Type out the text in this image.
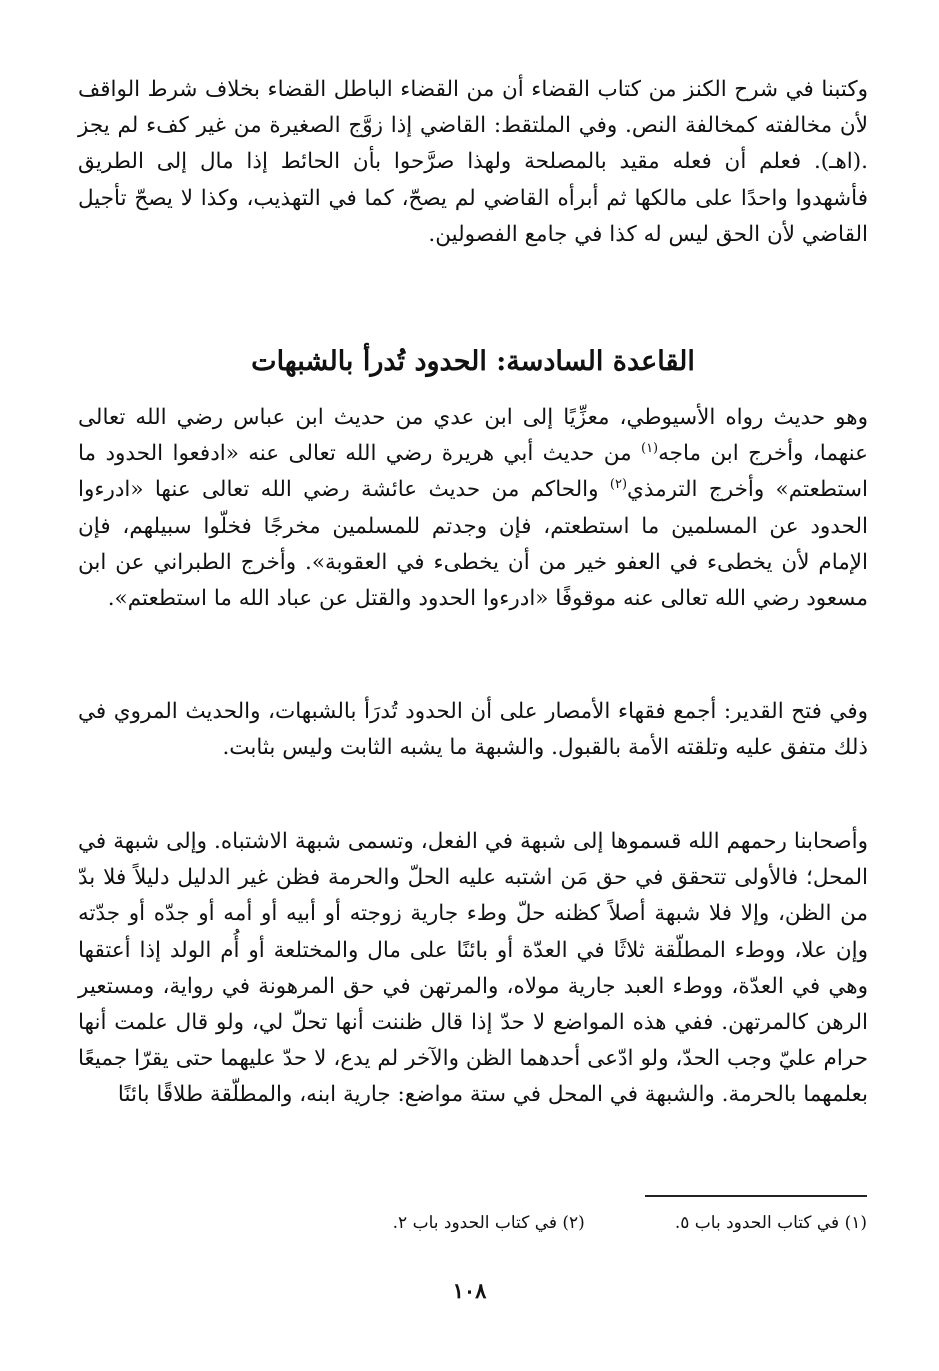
وكتبنا في شرح الكنز من كتاب القضاء أن من القضاء الباطل القضاء بخلاف شرط الواقف لأن مخالفته كمخالفة النص. وفي الملتقط: القاضي إذا زوَّج الصغيرة من غير كفء لم يجز .(اهـ). فعلم أن فعله مقيد بالمصلحة ولهذا صرَّحوا بأن الحائط إذا مال إلى الطريق فأشهدوا واحدًا على مالكها ثم أبرأه القاضي لم يصحّ، كما في التهذيب، وكذا لا يصحّ تأجيل القاضي لأن الحق ليس له كذا في جامع الفصولين.

القاعدة السادسة: الحدود تُدرأ بالشبهات

وهو حديث رواه الأسيوطي، معزِّيًا إلى ابن عدي من حديث ابن عباس رضي الله تعالى عنهما، وأخرج ابن ماجه$^{(١)}$ من حديث أبي هريرة رضي الله تعالى عنه «ادفعوا الحدود ما استطعتم» وأخرج الترمذي$^{(٢)}$ والحاكم من حديث عائشة رضي الله تعالى عنها «ادرءوا الحدود عن المسلمين ما استطعتم، فإن وجدتم للمسلمين مخرجًا فخلّوا سبيلهم، فإن الإمام لأن يخطىء في العفو خير من أن يخطىء في العقوبة». وأخرج الطبراني عن ابن مسعود رضي الله تعالى عنه موقوفًا «ادرءوا الحدود والقتل عن عباد الله ما استطعتم».

وفي فتح القدير: أجمع فقهاء الأمصار على أن الحدود تُدرَأ بالشبهات، والحديث المروي في ذلك متفق عليه وتلقته الأمة بالقبول. والشبهة ما يشبه الثابت وليس بثابت.

وأصحابنا رحمهم الله قسموها إلى شبهة في الفعل، وتسمى شبهة الاشتباه. وإلى شبهة في المحل؛ فالأولى تتحقق في حق مَن اشتبه عليه الحلّ والحرمة فظن غير الدليل دليلاً فلا بدّ من الظن، وإلا فلا شبهة أصلاً كظنه حلّ وطء جارية زوجته أو أبيه أو أمه أو جدّه أو جدّته وإن علا، ووطء المطلّقة ثلاثًا في العدّة أو بائنًا على مال والمختلعة أو أُم الولد إذا أعتقها وهي في العدّة، ووطء العبد جارية مولاه، والمرتهن في حق المرهونة في رواية، ومستعير الرهن كالمرتهن. ففي هذه المواضع لا حدّ إذا قال ظننت أنها تحلّ لي، ولو قال علمت أنها حرام عليّ وجب الحدّ، ولو ادّعى أحدهما الظن والآخر لم يدع، لا حدّ عليهما حتى يقرّا جميعًا بعلمهما بالحرمة. والشبهة في المحل في ستة مواضع: جارية ابنه، والمطلّقة طلاقًا بائنًا

(١) في كتاب الحدود باب ٥.
(٢) في كتاب الحدود باب ٢.
١٠٨
